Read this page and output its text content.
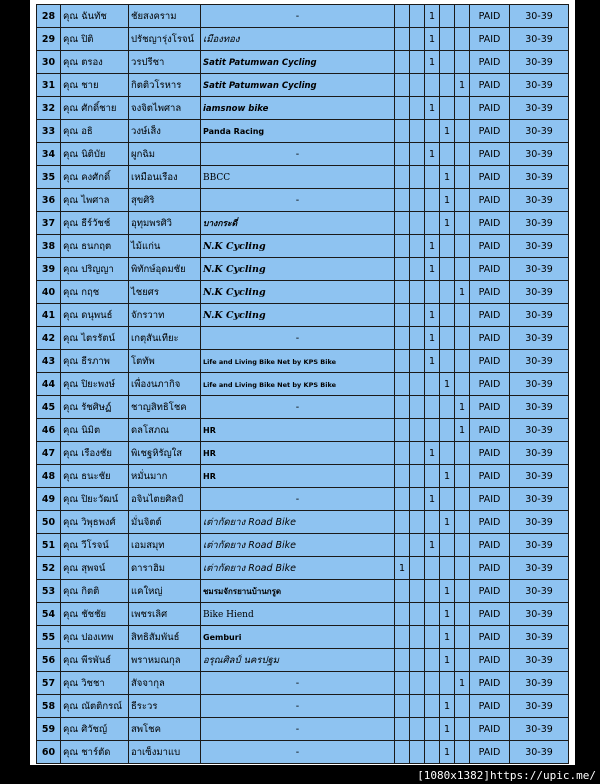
28	คุณ ฉันทัช	ชัยสงคราม	-			1			PAID	30-39
29	คุณ ปิติ	ปรัชญารุ่งโรจน์	เมืองทอง			1			PAID	30-39
30	คุณ ตรอง	วรปรีชา	Satit Patumwan Cycling			1			PAID	30-39
31	คุณ ชาย	กิตติวโรหาร	Satit Patumwan Cycling					1	PAID	30-39
32	คุณ ศักดิ์ชาย	จงจิตไพศาล	iamsnow bike			1			PAID	30-39
33	คุณ อธิ	วงษ์เส็ง	Panda Racing				1		PAID	30-39
34	คุณ นิติบัย	ผูกฉิม	-			1			PAID	30-39
35	คุณ คงศักดิ์	เหมือนเรือง	BBCC				1		PAID	30-39
36	คุณ ไพศาล	สุขศิริ	-				1		PAID	30-39
37	คุณ ธีร์วัชช์	อุทุมพรศิวิ	บางกระดี่				1		PAID	30-39
38	คุณ ธนกฤต	ไม้แก่น	N.K Cycling			1			PAID	30-39
39	คุณ ปริญญา	พิทักษ์อุดมชัย	N.K Cycling			1			PAID	30-39
40	คุณ กฤช	ไชยศร	N.K Cycling					1	PAID	30-39
41	คุณ ดนุพนธ์	จักรวาท	N.K Cycling			1			PAID	30-39
42	คุณ ไตรรัตน์	เกตุสันเทียะ	-			1			PAID	30-39
43	คุณ ธีรภาพ	โตทัพ	Life and Living Bike Net by KPS Bike			1			PAID	30-39
44	คุณ ปิยะพงษ์	เพื่องนภากิจ	Life and Living Bike Net by KPS Bike				1		PAID	30-39
45	คุณ รัชศิษฏ์	ชาญสิทธิโชค	-					1	PAID	30-39
46	คุณ นิมิต	ดลโสภณ	HR					1	PAID	30-39
47	คุณ เรืองชัย	พิเชฐหิรัญใส	HR			1			PAID	30-39
48	คุณ ธนะชัย	หมั่นมาก	HR				1		PAID	30-39
49	คุณ ปิยะวัฒน์	อจินไตยศิลป์	-			1			PAID	30-39
50	คุณ วิพุธพงศ์	มั่นจิตต์	เต่ากัดยาง Road Bike				1		PAID	30-39
51	คุณ วีโรจน์	เอมสมุท	เต่ากัดยาง Road Bike			1			PAID	30-39
52	คุณ สุพจน์	ดาราฮิม	เต่ากัดยาง Road Bike	1					PAID	30-39
53	คุณ กิตติ	แคใหญ่	ชมรมจักรยานบ้านกรูด				1		PAID	30-39
54	คุณ ชัชชัย	เพชรเลิศ	Bike Hiend				1		PAID	30-39
55	คุณ ปองเทพ	สิทธิสัมพันธ์	Gemburi				1		PAID	30-39
56	คุณ พีรพันธ์	พราหมณกุล	อรุณศิลป์ นครปฐม				1		PAID	30-39
57	คุณ วิชชา	สัจจากุล	-					1	PAID	30-39
58	คุณ ณัตติกรณ์	ธีระวร	-				1		PAID	30-39
59	คุณ ศิวัชญ์	สพโชค	-				1		PAID	30-39
60	คุณ ชาร์ตัด	อาเซ็งมาแบ	-				1		PAID	30-39
[1080x1382]https://upic.me/
